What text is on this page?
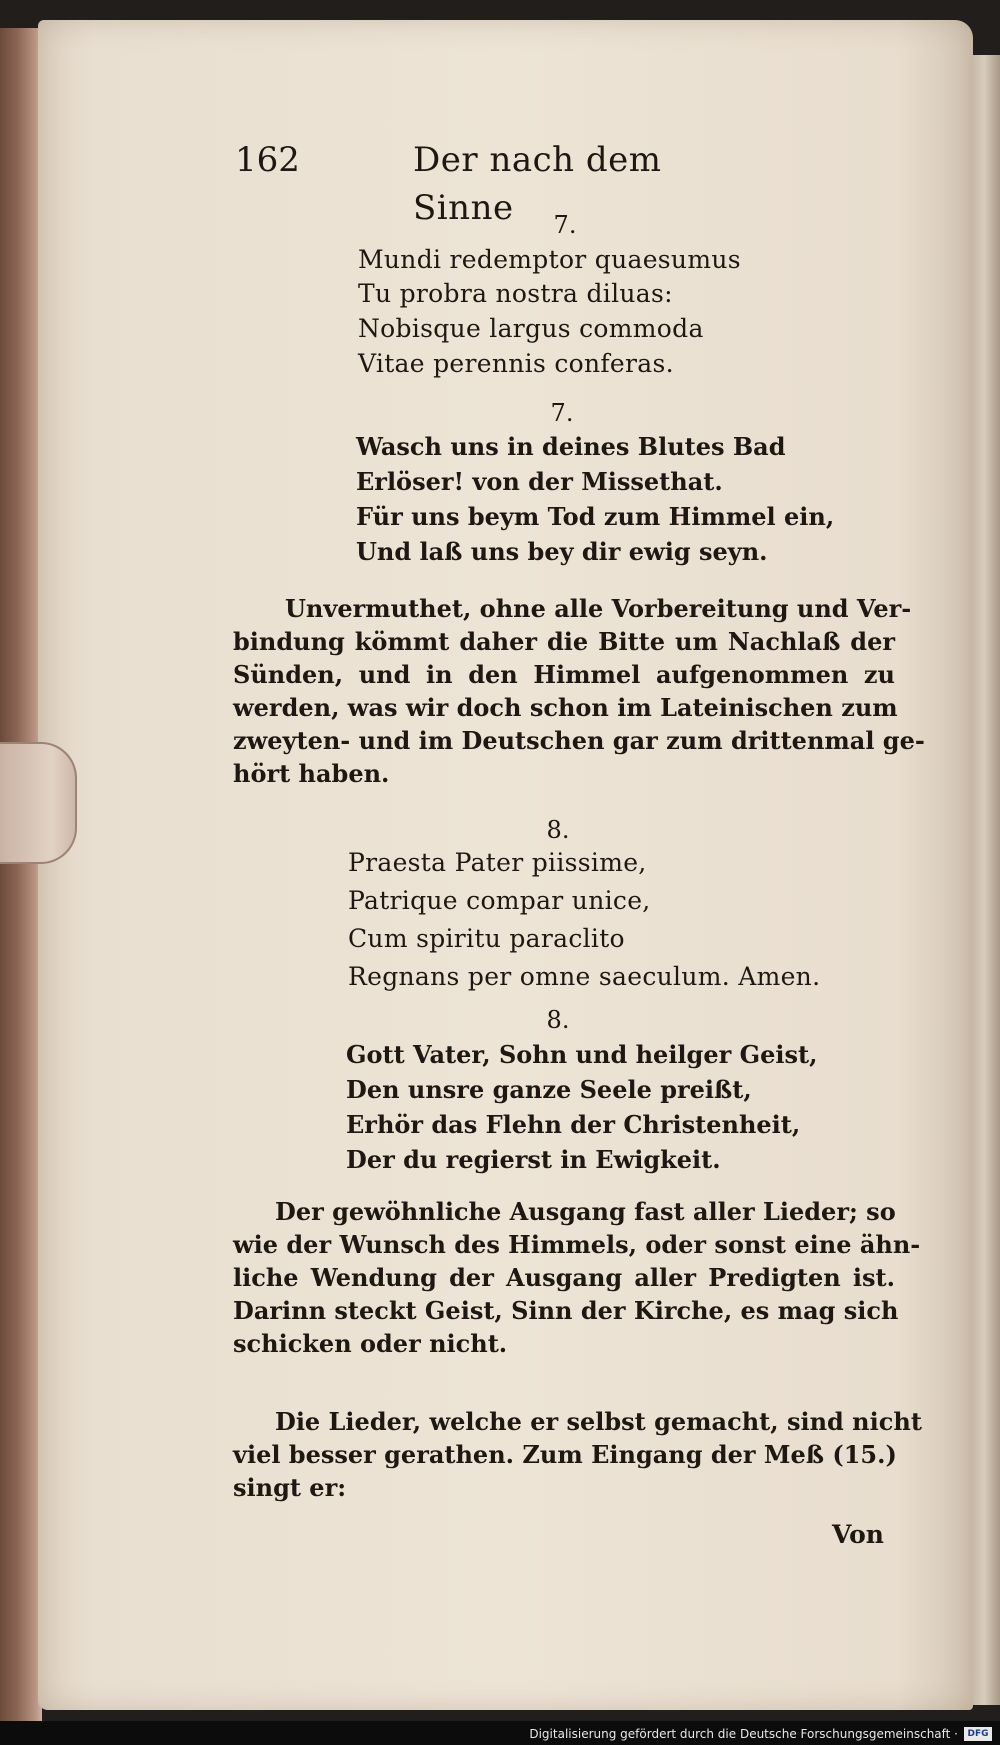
162	Der nach dem Sinne	7.
Mundi redemptor quaesumus
Tu probra nostra diluas:
Nobisque largus commoda
Vitae perennis conferas.
7.
Wasch uns in deines Blutes Bad
Erlöser! von der Missethat.
Für uns beym Tod zum Himmel ein,
Und laß uns bey dir ewig seyn.
Unvermuthet, ohne alle Vorbereitung und Ver-
bindung kömmt daher die Bitte um Nachlaß der
Sünden, und in den Himmel aufgenommen zu
werden, was wir doch schon im Lateinischen zum
zweyten- und im Deutschen gar zum drittenmal ge-
hört haben.
8.
Praesta Pater piissime,
Patrique compar unice,
Cum spiritu paraclito
Regnans per omne saeculum. Amen.
8.
Gott Vater, Sohn und heilger Geist,
Den unsre ganze Seele preißt,
Erhör das Flehn der Christenheit,
Der du regierst in Ewigkeit.
Der gewöhnliche Ausgang fast aller Lieder; so
wie der Wunsch des Himmels, oder sonst eine ähn-
liche Wendung der Ausgang aller Predigten ist.
Darinn steckt Geist, Sinn der Kirche, es mag sich
schicken oder nicht.
Die Lieder, welche er selbst gemacht, sind nicht
viel besser gerathen. Zum Eingang der Meß (15.)
singt er:
Von
Digitalisierung gefördert durch die Deutsche Forschungsgemeinschaft ·	DFG
